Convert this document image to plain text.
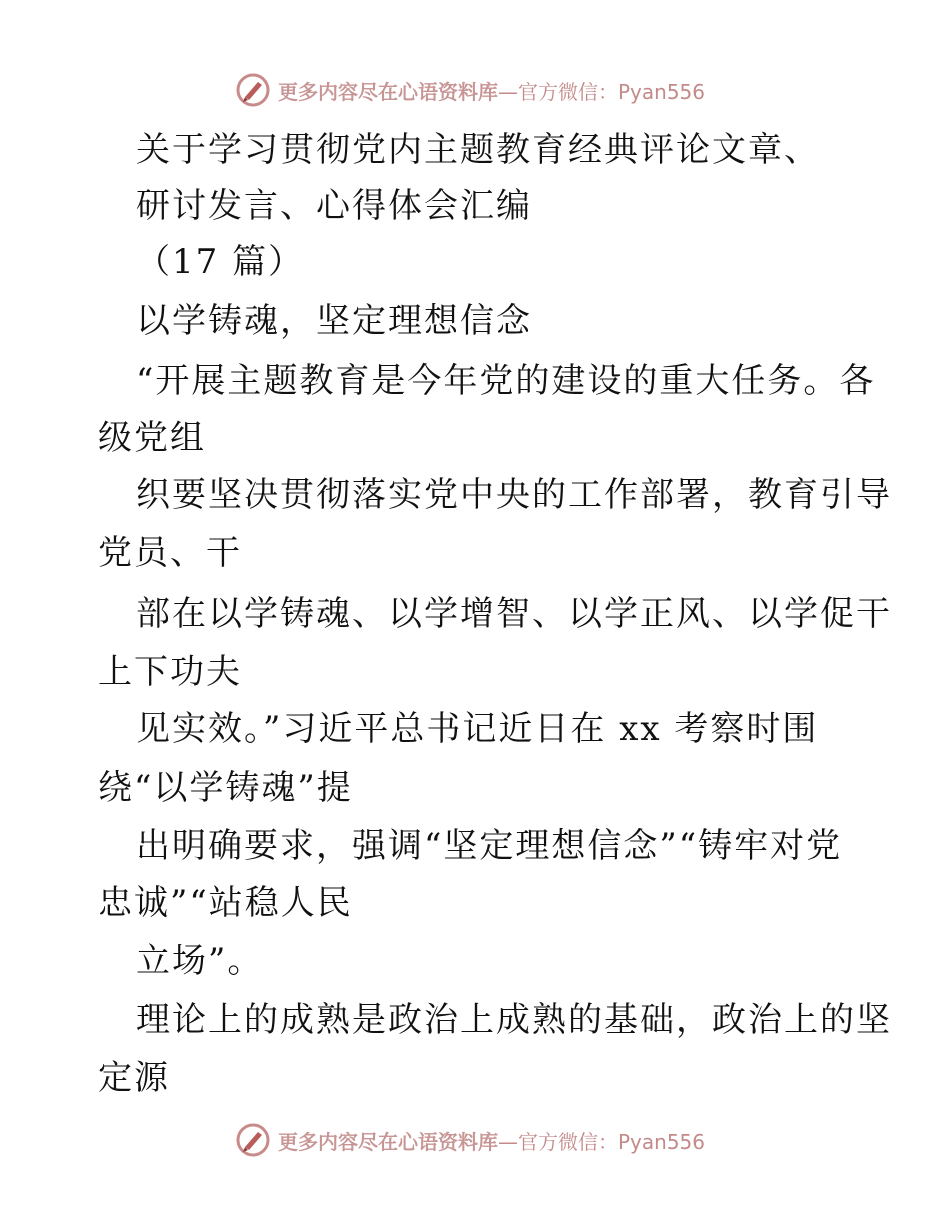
更多内容尽在心语资料库—官方微信：Pyan556
关于学习贯彻党内主题教育经典评论文章、
研讨发言、心得体会汇编
（17 篇）
以学铸魂，坚定理想信念
“开展主题教育是今年党的建设的重大任务。各
级党组
织要坚决贯彻落实党中央的工作部署，教育引导
党员、干
部在以学铸魂、以学增智、以学正风、以学促干
上下功夫
见实效。”习近平总书记近日在 xx 考察时围
绕“以学铸魂”提
出明确要求，强调“坚定理想信念”“铸牢对党
忠诚”“站稳人民
立场”。
理论上的成熟是政治上成熟的基础，政治上的坚
定源
更多内容尽在心语资料库—官方微信：Pyan556
